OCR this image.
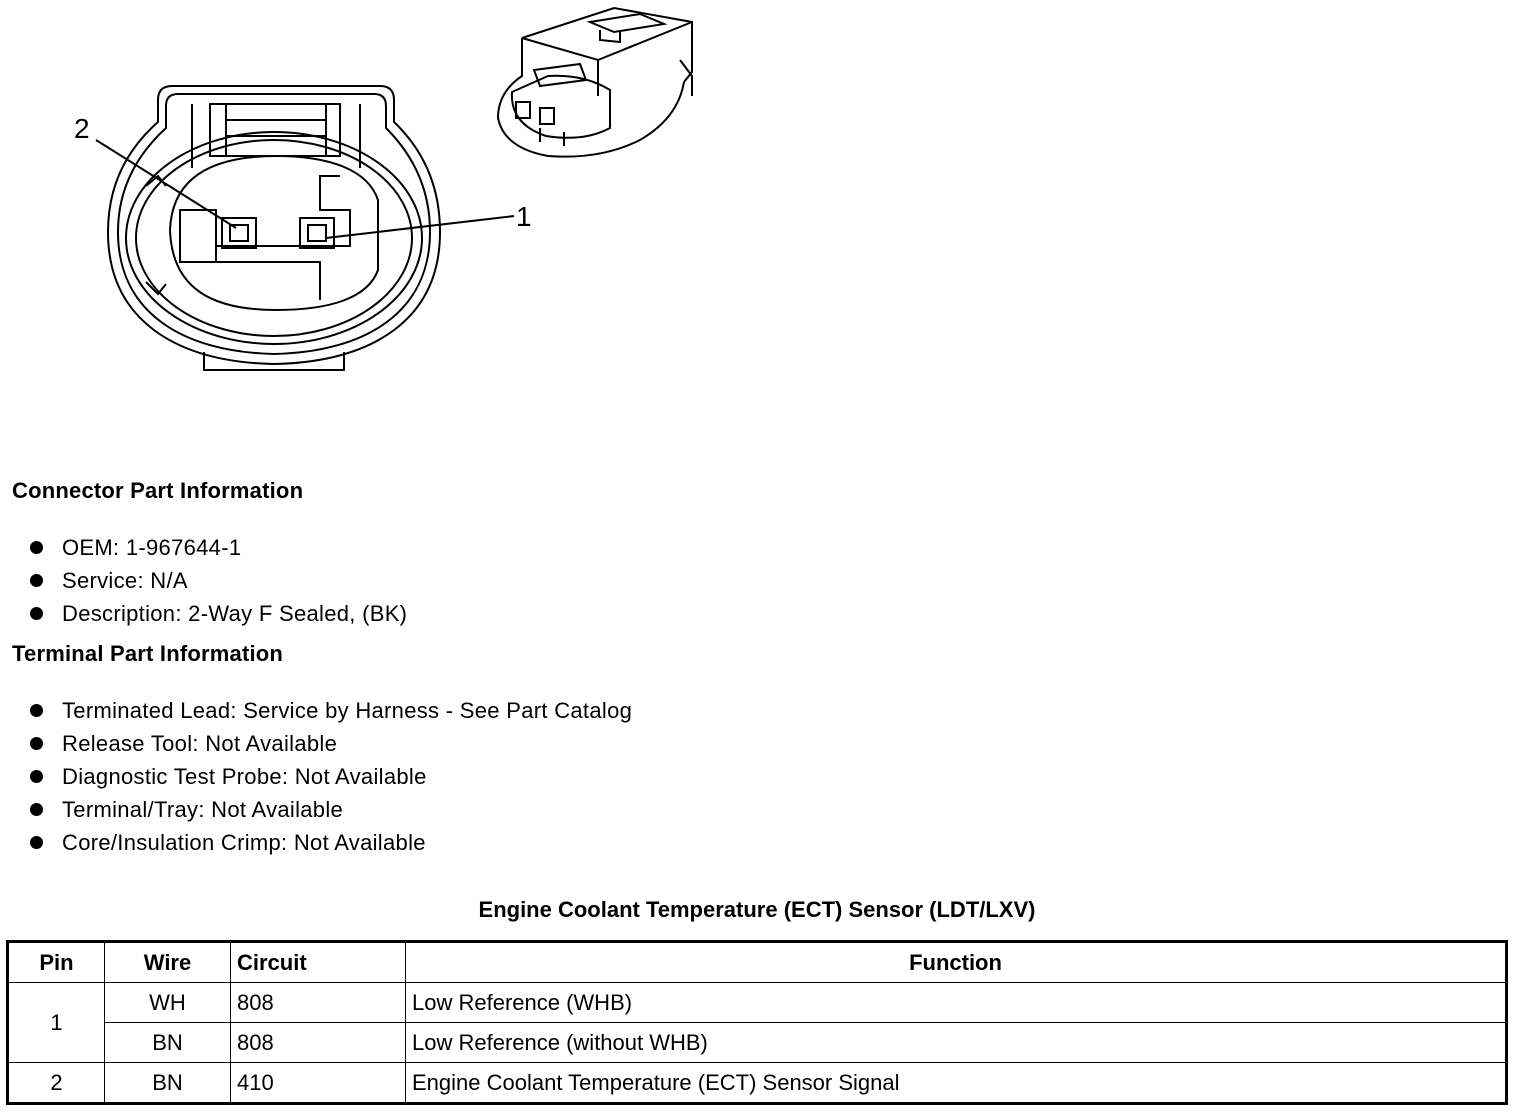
2
1
Connector Part Information
OEM: 1-967644-1
Service: N/A
Description: 2-Way F Sealed, (BK)
Terminal Part Information
Terminated Lead: Service by Harness - See Part Catalog
Release Tool: Not Available
Diagnostic Test Probe: Not Available
Terminal/Tray: Not Available
Core/Insulation Crimp: Not Available
Engine Coolant Temperature (ECT) Sensor (LDT/LXV)
Pin	Wire	Circuit	Function
1	WH	808	Low Reference (WHB)
	BN	808	Low Reference (without WHB)
2	BN	410	Engine Coolant Temperature (ECT) Sensor Signal
